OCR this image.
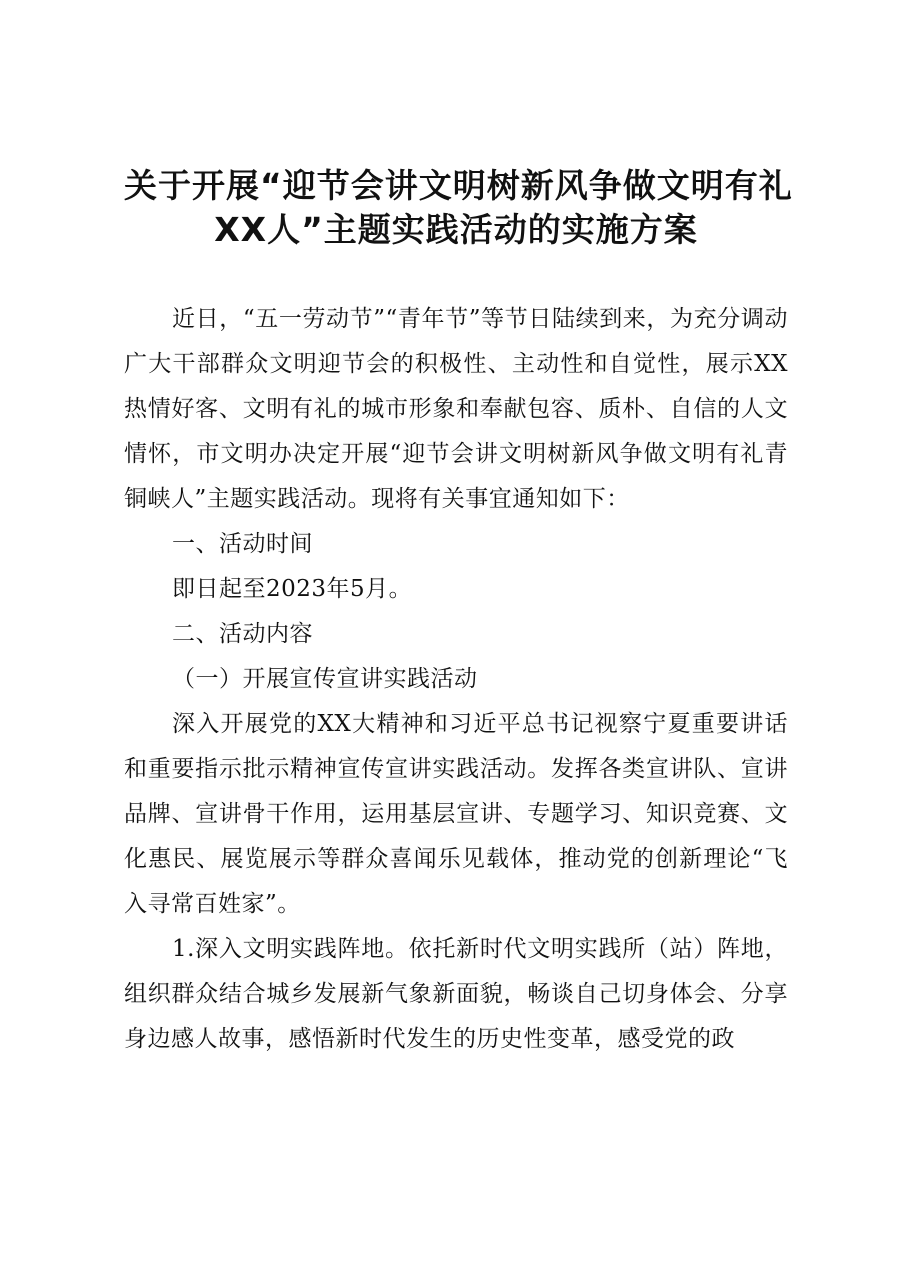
关于开展“迎节会讲文明树新风争做文明有礼
XX人”主题实践活动的实施方案

近日，“五一劳动节”“青年节”等节日陆续到来，为充分调动广大干部群众文明迎节会的积极性、主动性和自觉性，展示XX热情好客、文明有礼的城市形象和奉献包容、质朴、自信的人文情怀，市文明办决定开展“迎节会讲文明树新风争做文明有礼青铜峡人”主题实践活动。现将有关事宜通知如下：

一、活动时间

即日起至2023年5月。

二、活动内容

（一）开展宣传宣讲实践活动

深入开展党的XX大精神和习近平总书记视察宁夏重要讲话和重要指示批示精神宣传宣讲实践活动。发挥各类宣讲队、宣讲品牌、宣讲骨干作用，运用基层宣讲、专题学习、知识竞赛、文化惠民、展览展示等群众喜闻乐见载体，推动党的创新理论“飞入寻常百姓家”。

1.深入文明实践阵地。依托新时代文明实践所（站）阵地，组织群众结合城乡发展新气象新面貌，畅谈自己切身体会、分享身边感人故事，感悟新时代发生的历史性变革，感受党的政
